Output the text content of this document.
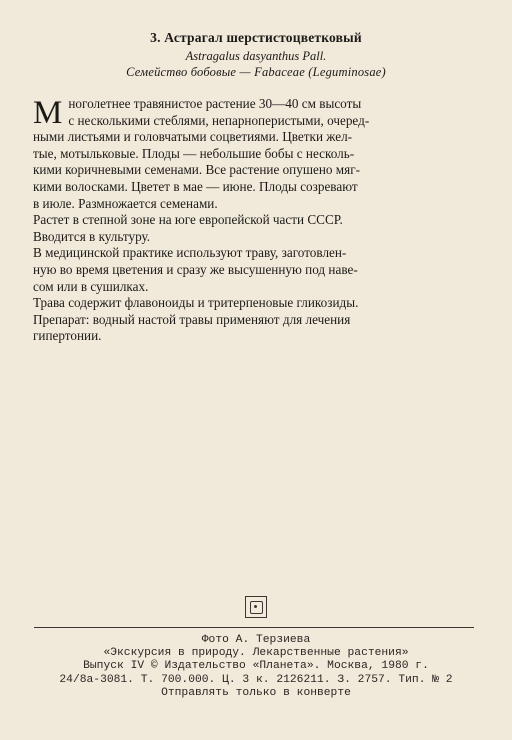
3. Астрагал шерстистоцветковый
Astragalus dasyanthus Pall.
Семейство бобовые — Fabaceae (Leguminosae)

М ноголетнее травянистое растение 30—40 см высоты
с несколькими стеблями, непарноперистыми, очеред-
ными листьями и головчатыми соцветиями. Цветки жел-
тые, мотыльковые. Плоды — небольшие бобы с несколь-
кими коричневыми семенами. Все растение опушено мяг-
кими волосками. Цветет в мае — июне. Плоды созревают
в июле. Размножается семенами.

Растет в степной зоне на юге европейской части СССР.
Вводится в культуру.

В медицинской практике используют траву, заготовлен-
ную во время цветения и сразу же высушенную под наве-
сом или в сушилках.

Трава содержит флавоноиды и тритерпеновые гликозиды.

Препарат: водный настой травы применяют для лечения
гипертонии.

Фото А. Терзиева
«Экскурсия в природу. Лекарственные растения»
Выпуск IV © Издательство «Планета». Москва, 1980 г.
24/8а-3081. Т. 700.000. Ц. 3 к. 2126211. З. 2757. Тип. № 2
Отправлять только в конверте
